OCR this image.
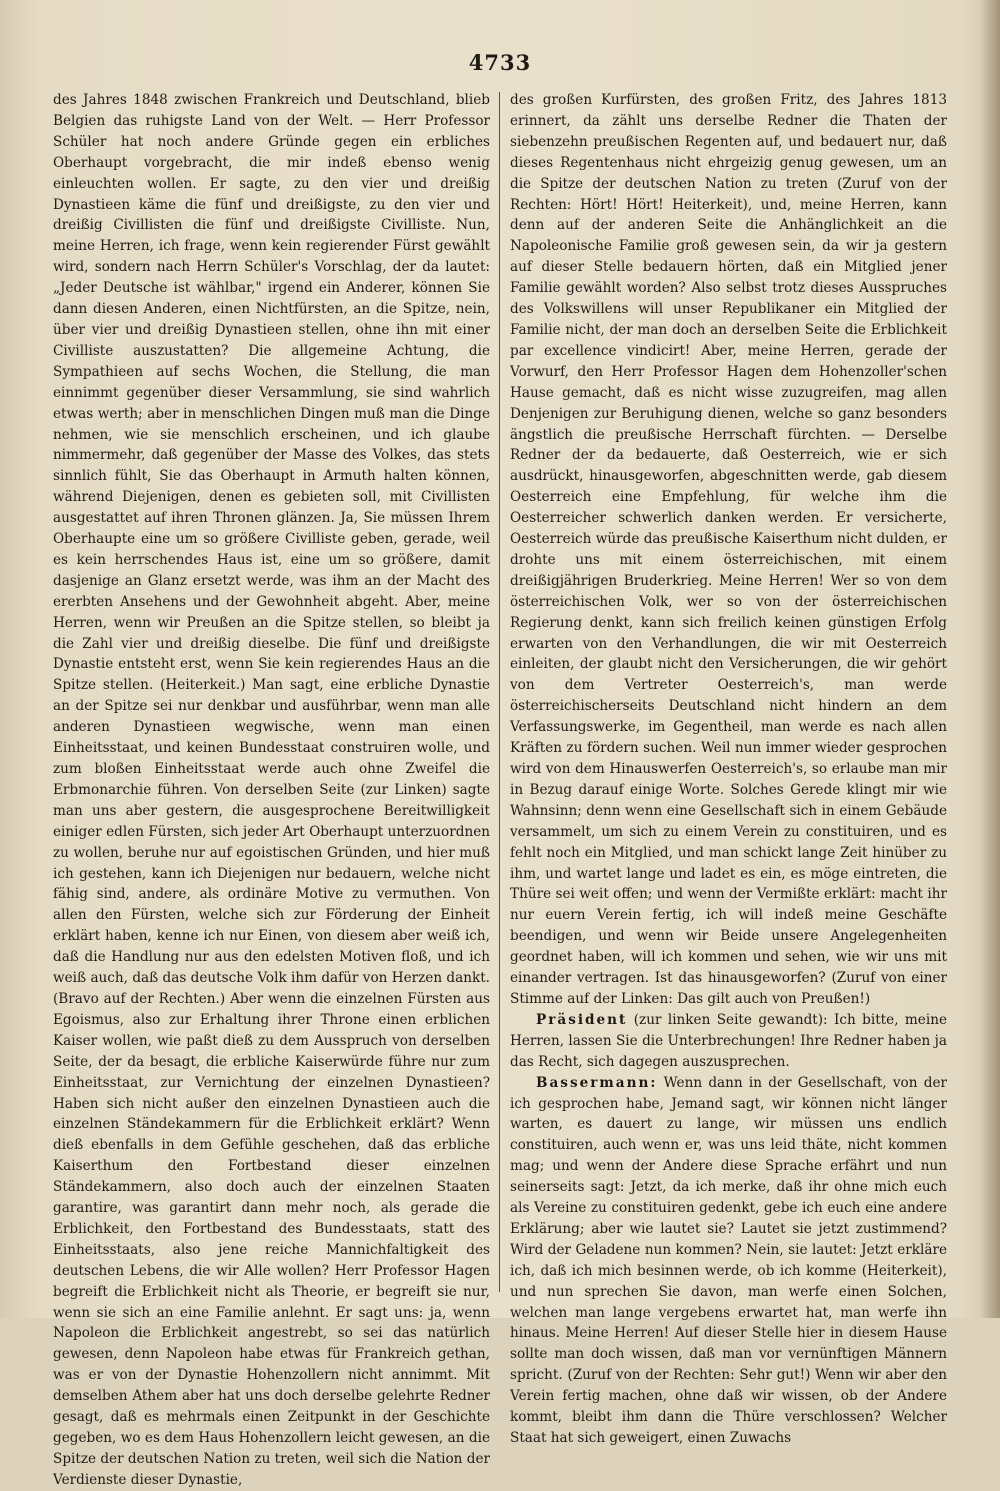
4733

des Jahres 1848 zwischen Frankreich und Deutschland, blieb Belgien das ruhigste Land von der Welt. — Herr Professor Schüler hat noch andere Gründe gegen ein erbliches Oberhaupt vorgebracht, die mir indeß ebenso wenig einleuchten wollen. Er sagte, zu den vier und dreißig Dynastieen käme die fünf und dreißigste, zu den vier und dreißig Civillisten die fünf und dreißigste Civilliste. Nun, meine Herren, ich frage, wenn kein regierender Fürst gewählt wird, sondern nach Herrn Schüler's Vorschlag, der da lautet: „Jeder Deutsche ist wählbar," irgend ein Anderer, können Sie dann diesen Anderen, einen Nichtfürsten, an die Spitze, nein, über vier und dreißig Dynastieen stellen, ohne ihn mit einer Civilliste auszustatten? Die allgemeine Achtung, die Sympathieen auf sechs Wochen, die Stellung, die man einnimmt gegenüber dieser Versammlung, sie sind wahrlich etwas werth; aber in menschlichen Dingen muß man die Dinge nehmen, wie sie menschlich erscheinen, und ich glaube nimmermehr, daß gegenüber der Masse des Volkes, das stets sinnlich fühlt, Sie das Oberhaupt in Armuth halten können, während Diejenigen, denen es gebieten soll, mit Civillisten ausgestattet auf ihren Thronen glänzen. Ja, Sie müssen Ihrem Oberhaupte eine um so größere Civilliste geben, gerade, weil es kein herrschendes Haus ist, eine um so größere, damit dasjenige an Glanz ersetzt werde, was ihm an der Macht des ererbten Ansehens und der Gewohnheit abgeht. Aber, meine Herren, wenn wir Preußen an die Spitze stellen, so bleibt ja die Zahl vier und dreißig dieselbe. Die fünf und dreißigste Dynastie entsteht erst, wenn Sie kein regierendes Haus an die Spitze stellen. (Heiterkeit.) Man sagt, eine erbliche Dynastie an der Spitze sei nur denkbar und ausführbar, wenn man alle anderen Dynastieen wegwische, wenn man einen Einheitsstaat, und keinen Bundesstaat construiren wolle, und zum bloßen Einheitsstaat werde auch ohne Zweifel die Erbmonarchie führen. Von derselben Seite (zur Linken) sagte man uns aber gestern, die ausgesprochene Bereitwilligkeit einiger edlen Fürsten, sich jeder Art Oberhaupt unterzuordnen zu wollen, beruhe nur auf egoistischen Gründen, und hier muß ich gestehen, kann ich Diejenigen nur bedauern, welche nicht fähig sind, andere, als ordinäre Motive zu vermuthen. Von allen den Fürsten, welche sich zur Förderung der Einheit erklärt haben, kenne ich nur Einen, von diesem aber weiß ich, daß die Handlung nur aus den edelsten Motiven floß, und ich weiß auch, daß das deutsche Volk ihm dafür von Herzen dankt. (Bravo auf der Rechten.) Aber wenn die einzelnen Fürsten aus Egoismus, also zur Erhaltung ihrer Throne einen erblichen Kaiser wollen, wie paßt dieß zu dem Ausspruch von derselben Seite, der da besagt, die erbliche Kaiserwürde führe nur zum Einheitsstaat, zur Vernichtung der einzelnen Dynastieen? Haben sich nicht außer den einzelnen Dynastieen auch die einzelnen Ständekammern für die Erblichkeit erklärt? Wenn dieß ebenfalls in dem Gefühle geschehen, daß das erbliche Kaiserthum den Fortbestand dieser einzelnen Ständekammern, also doch auch der einzelnen Staaten garantire, was garantirt dann mehr noch, als gerade die Erblichkeit, den Fortbestand des Bundesstaats, statt des Einheitsstaats, also jene reiche Mannichfaltigkeit des deutschen Lebens, die wir Alle wollen? Herr Professor Hagen begreift die Erblichkeit nicht als Theorie, er begreift sie nur, wenn sie sich an eine Familie anlehnt. Er sagt uns: ja, wenn Napoleon die Erblichkeit angestrebt, so sei das natürlich gewesen, denn Napoleon habe etwas für Frankreich gethan, was er von der Dynastie Hohenzollern nicht annimmt. Mit demselben Athem aber hat uns doch derselbe gelehrte Redner gesagt, daß es mehrmals einen Zeitpunkt in der Geschichte gegeben, wo es dem Haus Hohenzollern leicht gewesen, an die Spitze der deutschen Nation zu treten, weil sich die Nation der Verdienste dieser Dynastie,

des großen Kurfürsten, des großen Fritz, des Jahres 1813 erinnert, da zählt uns derselbe Redner die Thaten der siebenzehn preußischen Regenten auf, und bedauert nur, daß dieses Regentenhaus nicht ehrgeizig genug gewesen, um an die Spitze der deutschen Nation zu treten (Zuruf von der Rechten: Hört! Hört! Heiterkeit), und, meine Herren, kann denn auf der anderen Seite die Anhänglichkeit an die Napoleonische Familie groß gewesen sein, da wir ja gestern auf dieser Stelle bedauern hörten, daß ein Mitglied jener Familie gewählt worden? Also selbst trotz dieses Ausspruches des Volkswillens will unser Republikaner ein Mitglied der Familie nicht, der man doch an derselben Seite die Erblichkeit par excellence vindicirt! Aber, meine Herren, gerade der Vorwurf, den Herr Professor Hagen dem Hohenzoller'schen Hause gemacht, daß es nicht wisse zuzugreifen, mag allen Denjenigen zur Beruhigung dienen, welche so ganz besonders ängstlich die preußische Herrschaft fürchten. — Derselbe Redner der da bedauerte, daß Oesterreich, wie er sich ausdrückt, hinausgeworfen, abgeschnitten werde, gab diesem Oesterreich eine Empfehlung, für welche ihm die Oesterreicher schwerlich danken werden. Er versicherte, Oesterreich würde das preußische Kaiserthum nicht dulden, er drohte uns mit einem österreichischen, mit einem dreißigjährigen Bruderkrieg. Meine Herren! Wer so von dem österreichischen Volk, wer so von der österreichischen Regierung denkt, kann sich freilich keinen günstigen Erfolg erwarten von den Verhandlungen, die wir mit Oesterreich einleiten, der glaubt nicht den Versicherungen, die wir gehört von dem Vertreter Oesterreich's, man werde österreichischerseits Deutschland nicht hindern an dem Verfassungswerke, im Gegentheil, man werde es nach allen Kräften zu fördern suchen. Weil nun immer wieder gesprochen wird von dem Hinauswerfen Oesterreich's, so erlaube man mir in Bezug darauf einige Worte. Solches Gerede klingt mir wie Wahnsinn; denn wenn eine Gesellschaft sich in einem Gebäude versammelt, um sich zu einem Verein zu constituiren, und es fehlt noch ein Mitglied, und man schickt lange Zeit hinüber zu ihm, und wartet lange und ladet es ein, es möge eintreten, die Thüre sei weit offen; und wenn der Vermißte erklärt: macht ihr nur euern Verein fertig, ich will indeß meine Geschäfte beendigen, und wenn wir Beide unsere Angelegenheiten geordnet haben, will ich kommen und sehen, wie wir uns mit einander vertragen. Ist das hinausgeworfen? (Zuruf von einer Stimme auf der Linken: Das gilt auch von Preußen!)

Präsident (zur linken Seite gewandt): Ich bitte, meine Herren, lassen Sie die Unterbrechungen! Ihre Redner haben ja das Recht, sich dagegen auszusprechen.

Bassermann: Wenn dann in der Gesellschaft, von der ich gesprochen habe, Jemand sagt, wir können nicht länger warten, es dauert zu lange, wir müssen uns endlich constituiren, auch wenn er, was uns leid thäte, nicht kommen mag; und wenn der Andere diese Sprache erfährt und nun seinerseits sagt: Jetzt, da ich merke, daß ihr ohne mich euch als Vereine zu constituiren gedenkt, gebe ich euch eine andere Erklärung; aber wie lautet sie? Lautet sie jetzt zustimmend? Wird der Geladene nun kommen? Nein, sie lautet: Jetzt erkläre ich, daß ich mich besinnen werde, ob ich komme (Heiterkeit), und nun sprechen Sie davon, man werfe einen Solchen, welchen man lange vergebens erwartet hat, man werfe ihn hinaus. Meine Herren! Auf dieser Stelle hier in diesem Hause sollte man doch wissen, daß man vor vernünftigen Männern spricht. (Zuruf von der Rechten: Sehr gut!) Wenn wir aber den Verein fertig machen, ohne daß wir wissen, ob der Andere kommt, bleibt ihm dann die Thüre verschlossen? Welcher Staat hat sich geweigert, einen Zuwachs
